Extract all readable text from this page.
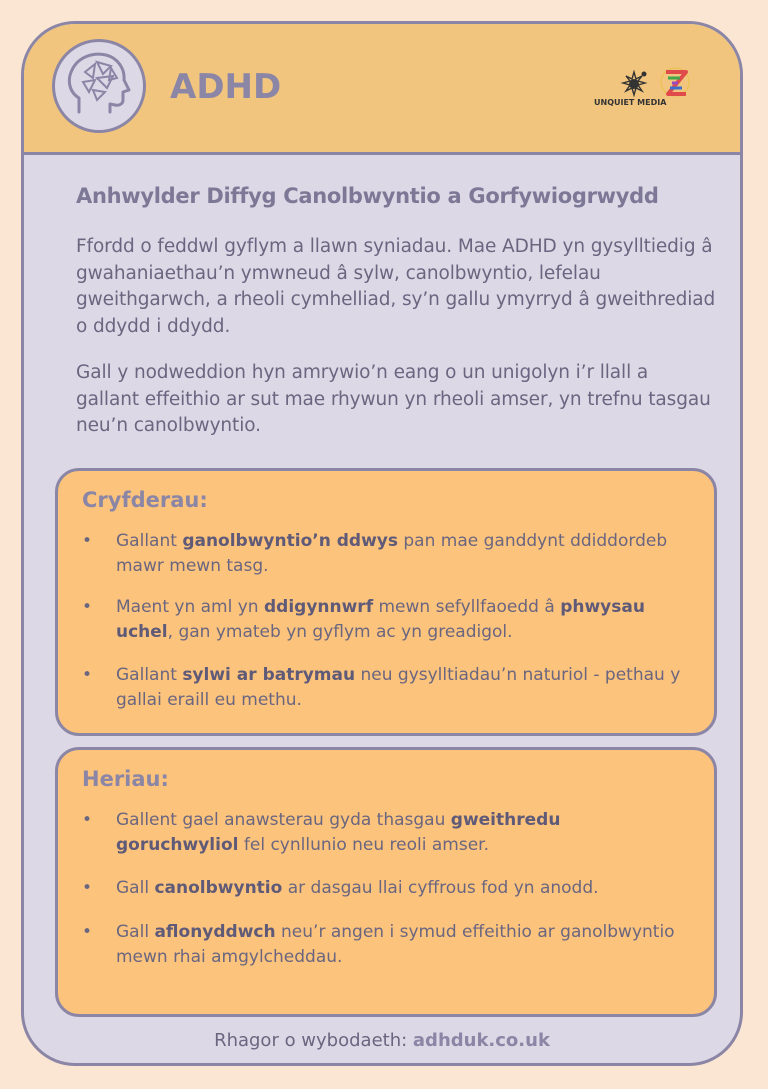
ADHD	UNQUIET MEDIA
Anhwylder Diffyg Canolbwyntio a Gorfywiogrwydd
Ffordd o feddwl gyflym a llawn syniadau. Mae ADHD yn gysylltiedig â gwahaniaethau’n ymwneud â sylw, canolbwyntio, lefelau gweithgarwch, a rheoli cymhelliad, sy’n gallu ymyrryd â gweithrediad o ddydd i ddydd.
Gall y nodweddion hyn amrywio’n eang o un unigolyn i’r llall a gallant effeithio ar sut mae rhywun yn rheoli amser, yn trefnu tasgau neu’n canolbwyntio.
Cryfderau:
• Gallant ganolbwyntio’n ddwys pan mae ganddynt ddiddordeb mawr mewn tasg.
• Maent yn aml yn ddigynnwrf mewn sefyllfaoedd â phwysau uchel, gan ymateb yn gyflym ac yn greadigol.
• Gallant sylwi ar batrymau neu gysylltiadau’n naturiol - pethau y gallai eraill eu methu.
Heriau:
• Gallent gael anawsterau gyda thasgau gweithredu goruchwyliol fel cynllunio neu reoli amser.
• Gall canolbwyntio ar dasgau llai cyffrous fod yn anodd.
• Gall aflonyddwch neu’r angen i symud effeithio ar ganolbwyntio mewn rhai amgylcheddau.
Rhagor o wybodaeth: adhduk.co.uk
